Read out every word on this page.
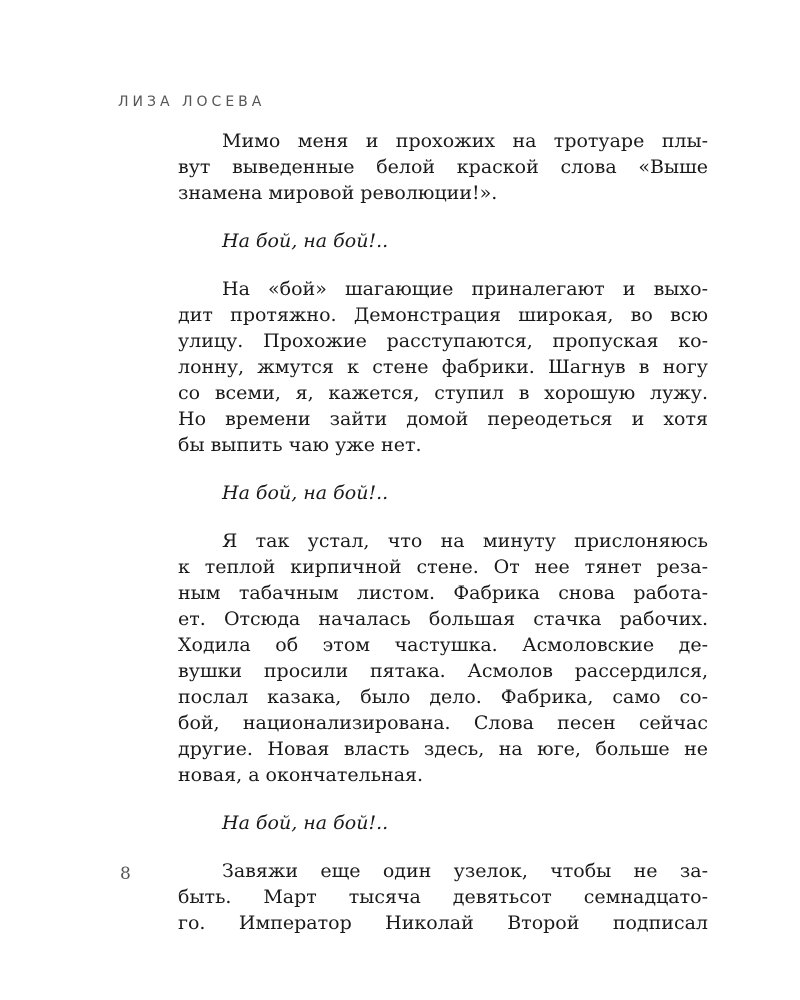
ЛИЗА ЛОСЕВА
Мимо меня и прохожих на тротуаре плы-
вут выведенные белой краской слова «Выше
знамена мировой революции!».
На бой, на бой!..
На «бой» шагающие приналегают и выхо-
дит протяжно. Демонстрация широкая, во всю
улицу. Прохожие расступаются, пропуская ко-
лонну, жмутся к стене фабрики. Шагнув в ногу
со всеми, я, кажется, ступил в хорошую лужу.
Но времени зайти домой переодеться и хотя
бы выпить чаю уже нет.
На бой, на бой!..
Я так устал, что на минуту прислоняюсь
к теплой кирпичной стене. От нее тянет реза-
ным табачным листом. Фабрика снова работа-
ет. Отсюда началась большая стачка рабочих.
Ходила об этом частушка. Асмоловские де-
вушки просили пятака. Асмолов рассердился,
послал казака, было дело. Фабрика, само со-
бой, национализирована. Слова песен сейчас
другие. Новая власть здесь, на юге, больше не
новая, а окончательная.
На бой, на бой!..
Завяжи еще один узелок, чтобы не за-
быть. Март тысяча девятьсот семнадцато-
го. Император Николай Второй подписал
8
